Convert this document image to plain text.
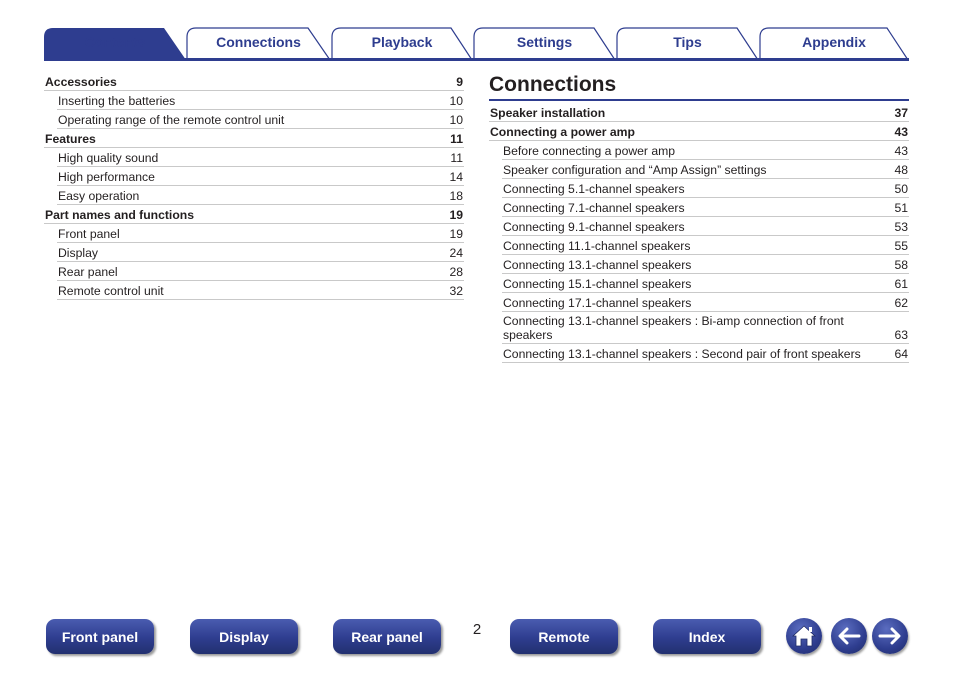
Contents	Connections	Playback	Settings	Tips	Appendix
Accessories	9
Inserting the batteries	10
Operating range of the remote control unit	10
Features	11
High quality sound	11
High performance	14
Easy operation	18
Part names and functions	19
Front panel	19
Display	24
Rear panel	28
Remote control unit	32
Connections
Speaker installation	37
Connecting a power amp	43
Before connecting a power amp	43
Speaker configuration and “Amp Assign” settings	48
Connecting 5.1-channel speakers	50
Connecting 7.1-channel speakers	51
Connecting 9.1-channel speakers	53
Connecting 11.1-channel speakers	55
Connecting 13.1-channel speakers	58
Connecting 15.1-channel speakers	61
Connecting 17.1-channel speakers	62
Connecting 13.1-channel speakers : Bi-amp connection of front speakers	63
Connecting 13.1-channel speakers : Second pair of front speakers	64
Front panel	Display	Rear panel	2	Remote	Index
